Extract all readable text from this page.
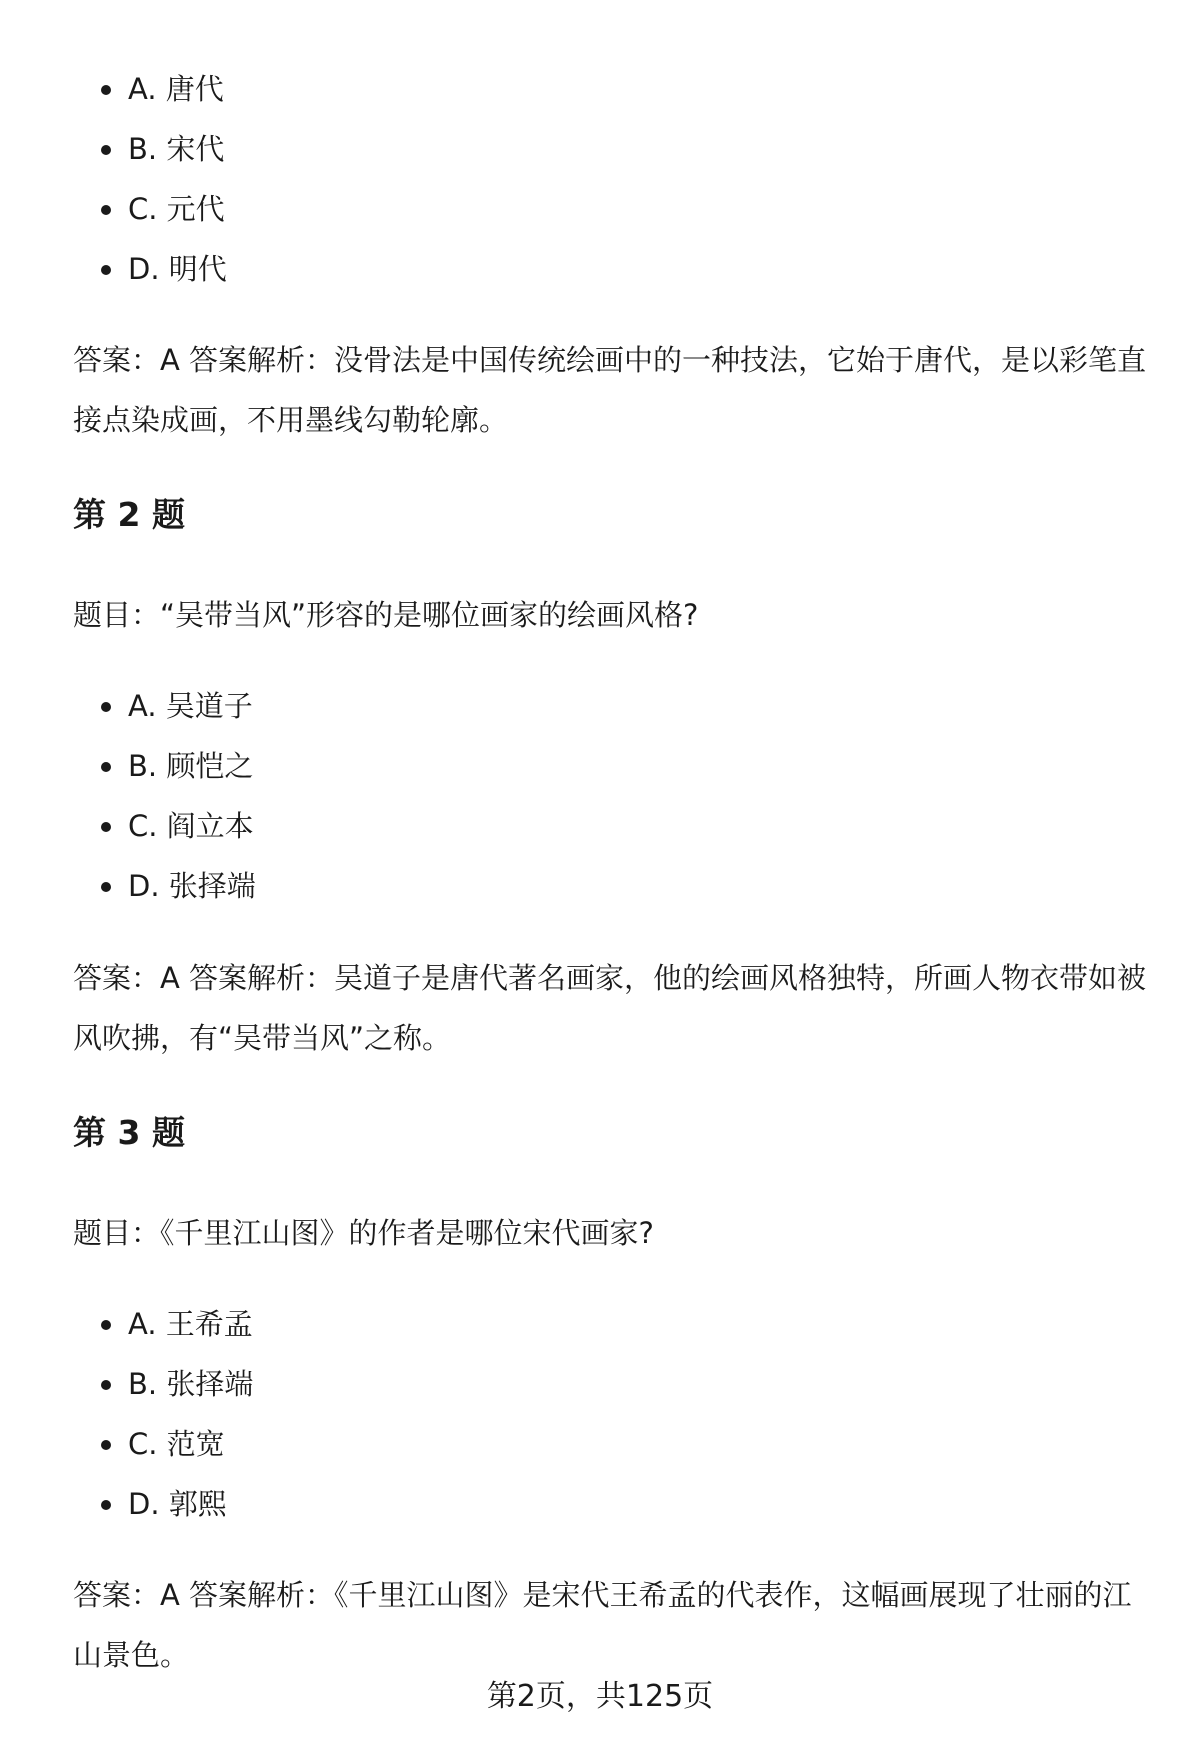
A. 唐代
B. 宋代
C. 元代
D. 明代

答案：A 答案解析：没骨法是中国传统绘画中的一种技法，它始于唐代，是以彩笔直接点染成画，不用墨线勾勒轮廓。

第 2 题

题目：“吴带当风”形容的是哪位画家的绘画风格?

A. 吴道子
B. 顾恺之
C. 阎立本
D. 张择端

答案：A 答案解析：吴道子是唐代著名画家，他的绘画风格独特，所画人物衣带如被风吹拂，有“吴带当风”之称。

第 3 题

题目：《千里江山图》的作者是哪位宋代画家?

A. 王希孟
B. 张择端
C. 范宽
D. 郭熙

答案：A 答案解析：《千里江山图》是宋代王希孟的代表作，这幅画展现了壮丽的江山景色。

第2页，共125页
